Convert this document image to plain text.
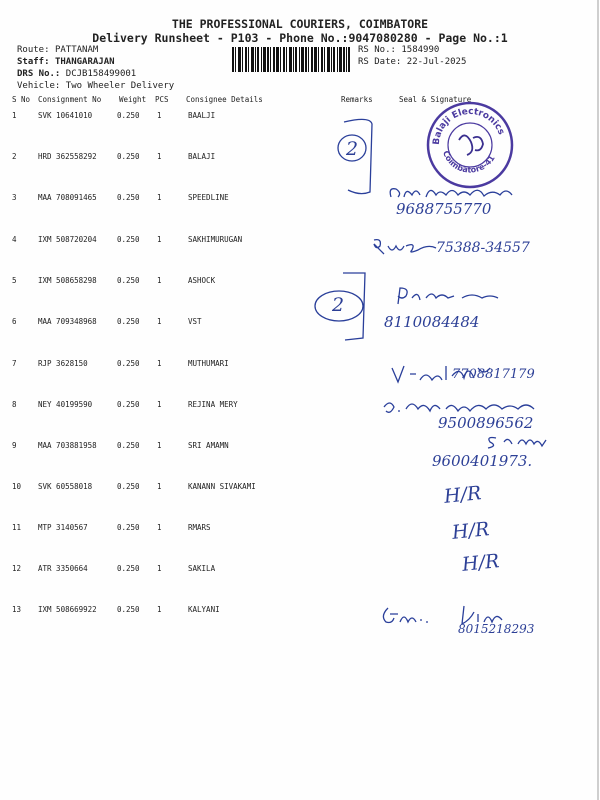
THE PROFESSIONAL COURIERS, COIMBATORE
Delivery Runsheet - P103 - Phone No.:9047080280 - Page No.:1
Route: PATTANAM
Staff: THANGARAJAN
DRS No.: DCJB158499001
Vehicle: Two Wheeler Delivery
RS No.: 1584990
RS Date: 22-Jul-2025
S No Consignment No Weight PCS Consignee Details	Remarks	Seal & Signature
1	SVK 10641010	0.250 1	BAALJI
2	HRD 362558292	0.250 1	BALAJI
3	MAA 708091465	0.250 1	SPEEDLINE
4	IXM 508720204	0.250 1	SAKHIMURUGAN
5	IXM 508658298	0.250 1	ASHOCK
6	MAA 709348968	0.250 1	VST
7	RJP 3628150	0.250 1	MUTHUMARI
8	NEY 40199590	0.250 1	REJINA MERY
9	MAA 703881958	0.250 1	SRI AMAMN
10 SVK 60558018	0.250 1	KANANN SIVAKAMI
11 MTP 3140567	0.250 1	RMARS
12 ATR 3350664	0.250 1	SAKILA
13 IXM 508669922	0.250 1	KALYANI
2
2
Balaji Electronics
Coimbatore-41
9688755770
75388-34557
8110084484
7708817179
9500896562
9600401973.
H/R
H/R
H/R
8015218293
